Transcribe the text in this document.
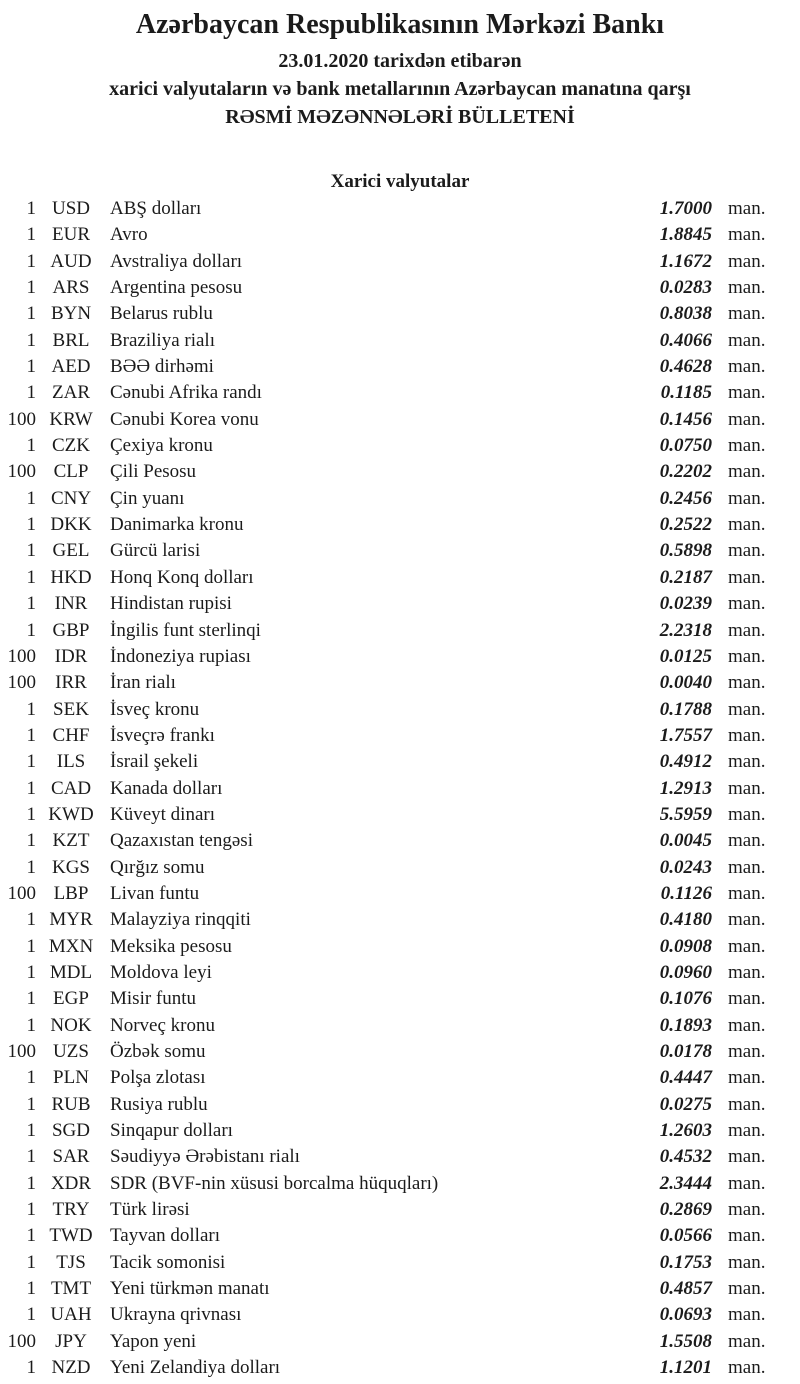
Azərbaycan Respublikasının Mərkəzi Bankı
23.01.2020 tarixdən etibarən
xarici valyutaların və bank metallarının Azərbaycan manatına qarşı
RƏSMİ MƏZƏNNƏLƏRİ BÜLLETENİ
Xarici valyutalar
1 USD	ABŞ dolları	1.7000 man.
1 EUR	Avro	1.8845 man.
1 AUD Avstraliya dolları	1.1672 man.
1 ARS	Argentina pesosu	0.0283 man.
1 BYN Belarus rublu	0.8038 man.
1 BRL	Braziliya rialı	0.4066 man.
1 AED	BƏƏ dirhəmi	0.4628 man.
1 ZAR	Cənubi Afrika randı	0.1185 man.
100 KRW Cənubi Korea vonu	0.1456 man.
1 CZK	Çexiya kronu	0.0750 man.
100 CLP	Çili Pesosu	0.2202 man.
1 CNY Çin yuanı	0.2456 man.
1 DKK Danimarka kronu	0.2522 man.
1 GEL	Gürcü larisi	0.5898 man.
1 HKD Honq Konq dolları	0.2187 man.
1 INR	Hindistan rupisi	0.0239 man.
1 GBP	İngilis funt sterlinqi	2.2318 man.
100 IDR	İndoneziya rupiası	0.0125 man.
100	IRR	İran rialı	0.0040 man.
1 SEK	İsveç kronu	0.1788 man.
1 CHF	İsveçrə frankı	1.7557 man.
1	ILS	İsrail şekeli	0.4912 man.
1 CAD Kanada dolları	1.2913 man.
1 KWD Küveyt dinarı	5.5959 man.
1 KZT	Qazaxıstan tengəsi	0.0045 man.
1 KGS	Qırğız somu	0.0243 man.
100 LBP	Livan funtu	0.1126 man.
1 MYR Malayziya rinqqiti	0.4180 man.
1 MXN Meksika pesosu	0.0908 man.
1 MDL Moldova leyi	0.0960 man.
1 EGP	Misir funtu	0.1076 man.
1 NOK Norveç kronu	0.1893 man.
100 UZS	Özbək somu	0.0178 man.
1 PLN	Polşa zlotası	0.4447 man.
1 RUB	Rusiya rublu	0.0275 man.
1 SGD	Sinqapur dolları	1.2603 man.
1 SAR	Səudiyyə Ərəbistanı rialı	0.4532 man.
1 XDR SDR (BVF-nin xüsusi borcalma hüquqları)	2.3444 man.
1 TRY	Türk lirəsi	0.2869 man.
1 TWD Tayvan dolları	0.0566 man.
1	TJS	Tacik somonisi	0.1753 man.
1 TMT Yeni türkmən manatı	0.4857 man.
1 UAH Ukrayna qrivnası	0.0693 man.
100	JPY	Yapon yeni	1.5508 man.
1 NZD	Yeni Zelandiya dolları	1.1201 man.
